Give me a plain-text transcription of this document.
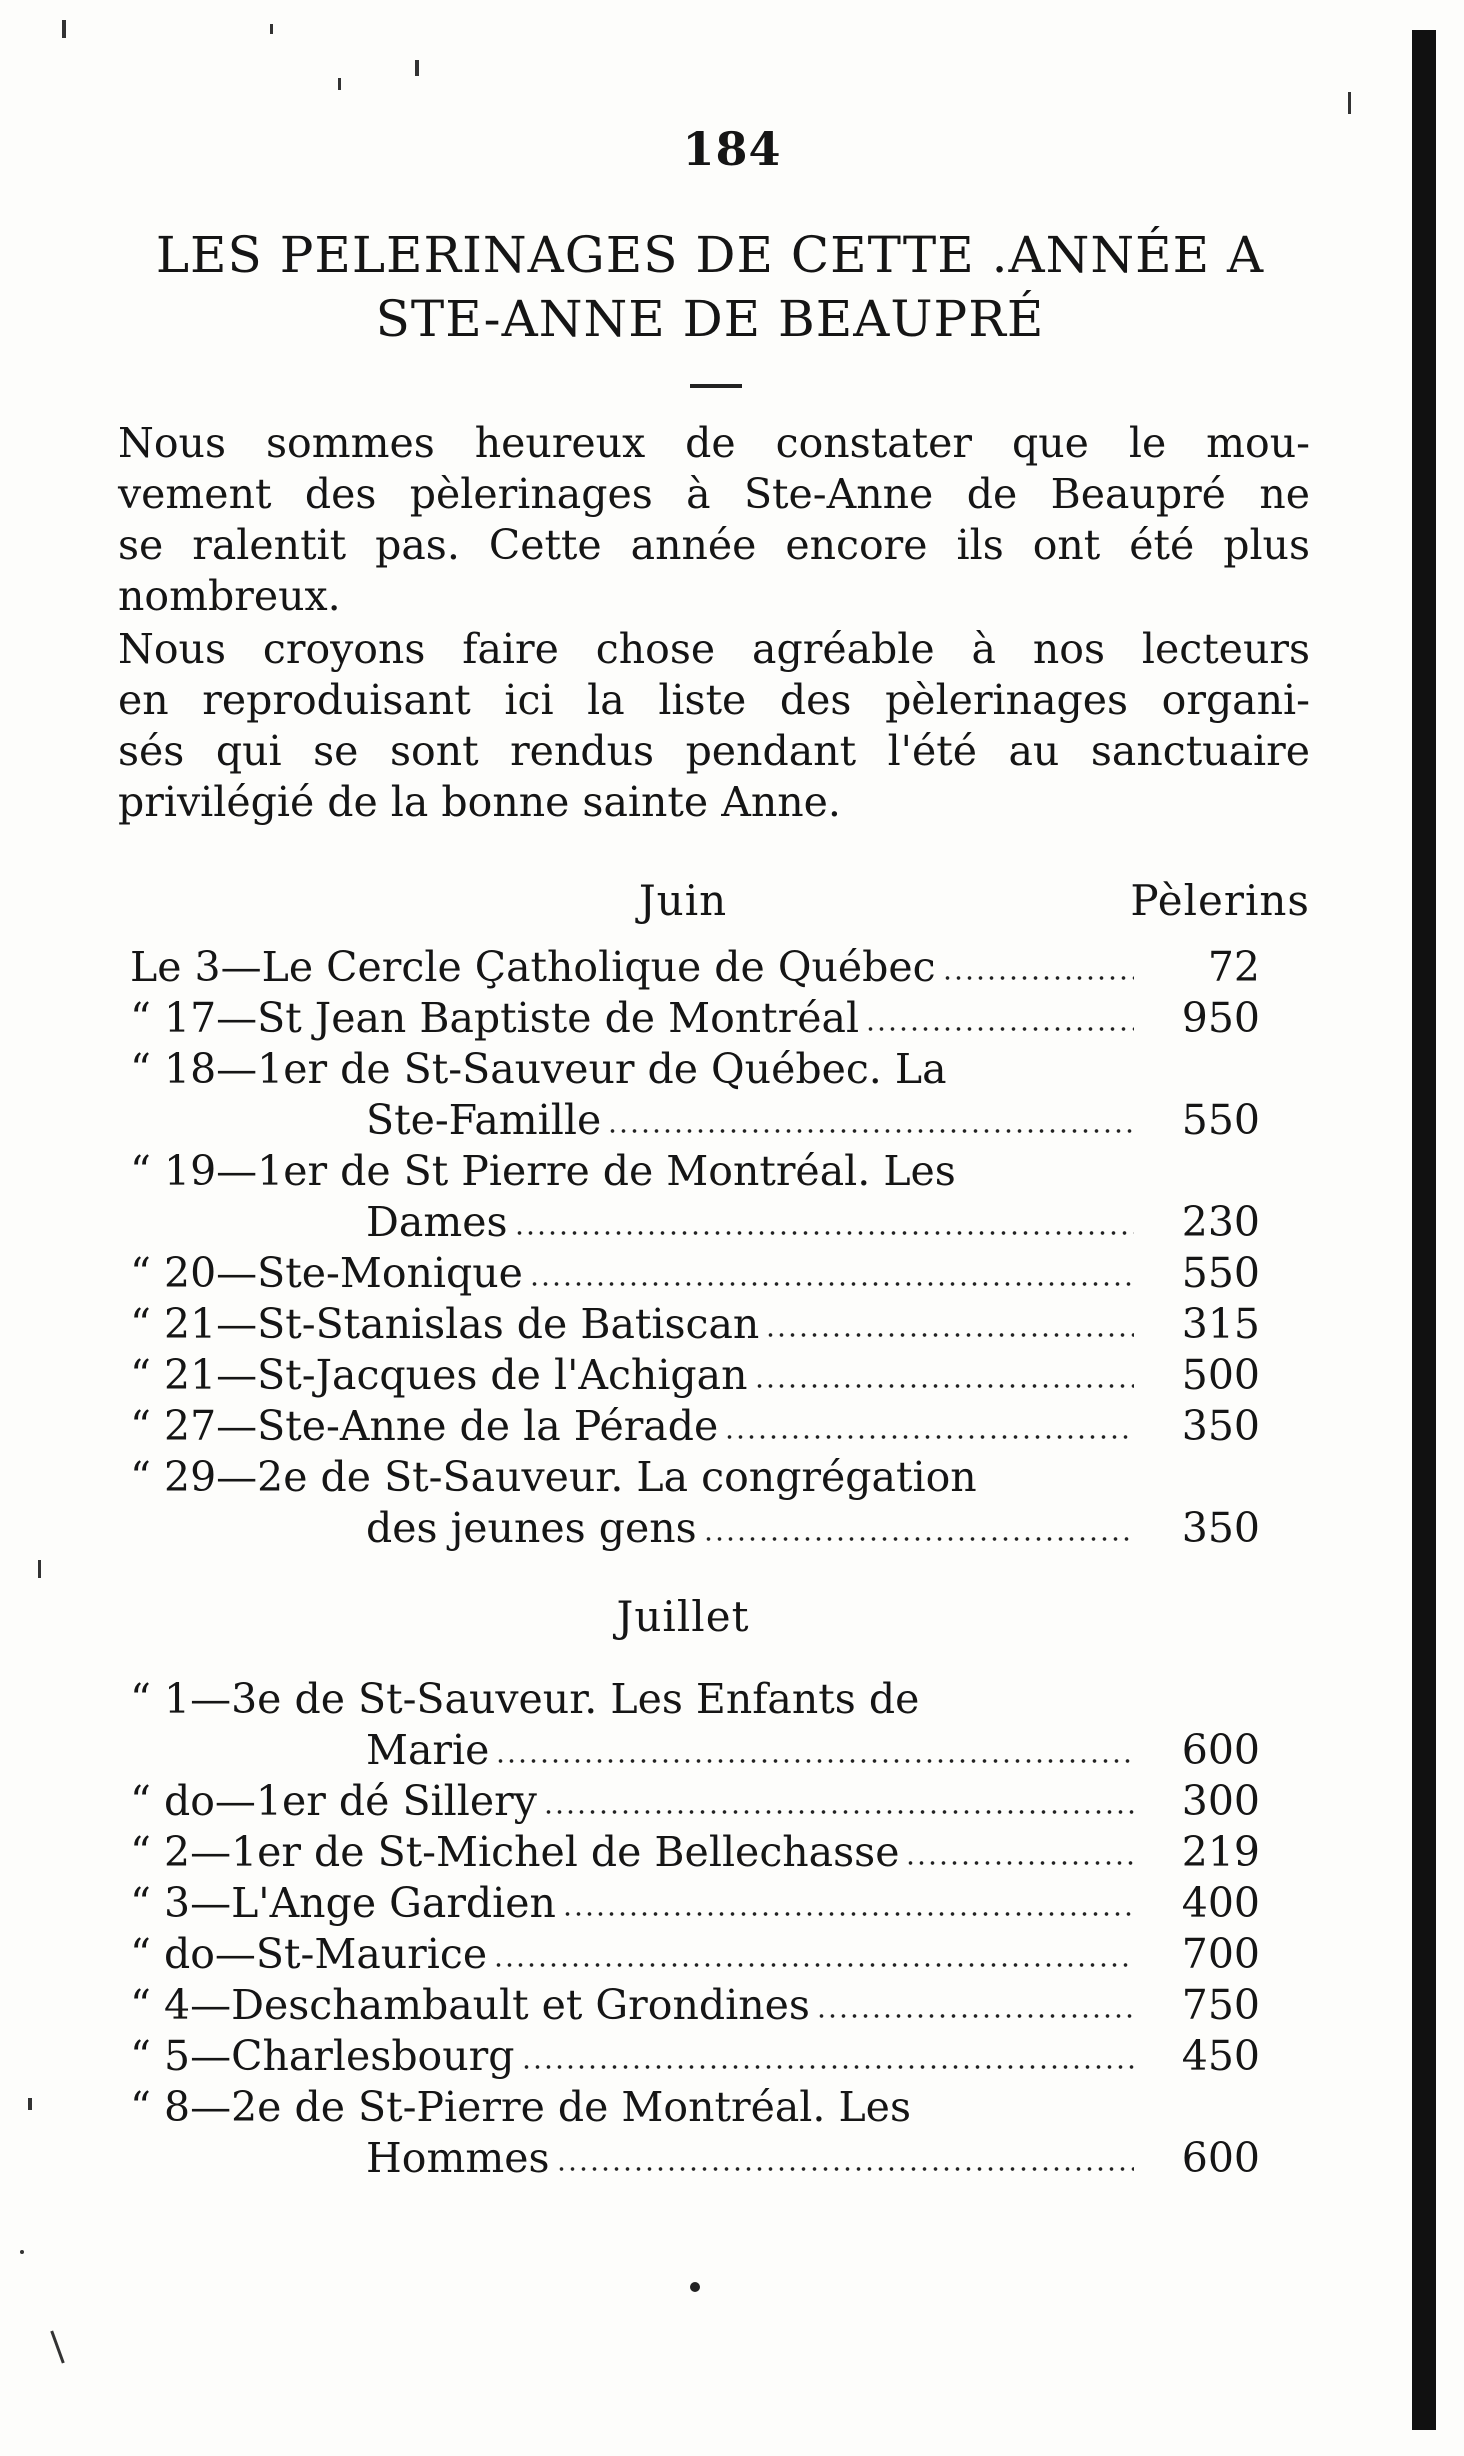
184
LES PELERINAGES DE CETTE .ANNÉE A
STE-ANNE DE BEAUPRÉ
Nous sommes heureux de constater que le mou-
vement des pèlerinages à Ste-Anne de Beaupré ne
se ralentit pas. Cette année encore ils ont été plus
nombreux.
Nous croyons faire chose agréable à nos lecteurs
en reproduisant ici la liste des pèlerinages organi-
sés qui se sont rendus pendant l'été au sanctuaire
privilégié de la bonne sainte Anne.
Juin	Pèlerins
Le 3—Le Cercle Çatholique de Québec	72
“ 17—St Jean Baptiste de Montréal	950
“ 18—1er de St-Sauveur de Québec. La
Ste-Famille	550
“ 19—1er de St Pierre de Montréal. Les
Dames	230
“ 20—Ste-Monique	550
“ 21—St-Stanislas de Batiscan	315
“ 21—St-Jacques de l'Achigan	500
“ 27—Ste-Anne de la Pérade	350
“ 29—2e de St-Sauveur. La congrégation
des jeunes gens	350
Juillet
“ 1—3e de St-Sauveur. Les Enfants de
Marie	600
“ do—1er dé Sillery	300
“ 2—1er de St-Michel de Bellechasse	219
“ 3—L'Ange Gardien	400
“ do—St-Maurice	700
“ 4—Deschambault et Grondines	750
“ 5—Charlesbourg	450
“ 8—2e de St-Pierre de Montréal. Les
Hommes	600
